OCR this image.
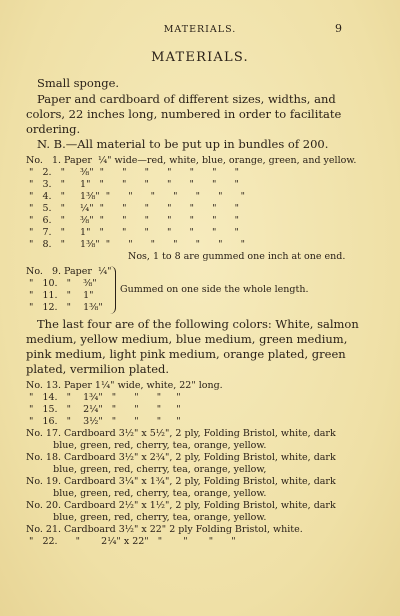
MATERIALS.	9
MATERIALS.
Small sponge.
Paper and cardboard of different sizes, widths, and
colors, 22 inches long, numbered in order to facilitate
ordering.
N. B.—All material to be put up in bundles of 200.
No.   1. Paper  ¼" wide—red, white, blue, orange, green, and yellow.
"   2.   "     ⅜"  "      "      "      "      "      "      "
"   3.   "     1"   "      "      "      "      "      "      "
"   4.   "     1⅜"  "      "      "      "      "      "      "
"   5.   "     ¼"  "      "      "      "      "      "      "
"   6.   "     ⅜"  "      "      "      "      "      "      "
"   7.   "     1"   "      "      "      "      "      "      "
"   8.   "     1⅜"  "      "      "      "      "      "      "
Nos, 1 to 8 are gummed one inch at one end.
No.   9. Paper  ¼"
"   10.   "    ⅜"
"   11.   "    1"
"   12.   "    1⅜"
Gummed on one side the whole length.
The last four are of the following colors: White, salmon
medium, yellow medium, blue medium, green medium,
pink medium, light pink medium, orange plated, green
plated, vermilion plated.
No. 13. Paper 1¼" wide, white, 22" long.
"   14.   "    1¾"   "      "      "     "
"   15.   "    2¼"   "      "      "     "
"   16.   "    3½"   "      "      "     "
No. 17. Cardboard 3½" x 5½", 2 ply, Folding Bristol, white, dark
blue, green, red, cherry, tea, orange, yellow.
No. 18. Cardboard 3½" x 2¾", 2 ply, Folding Bristol, white, dark
blue, green, red, cherry, tea, orange, yellow,
No. 19. Cardboard 3¼" x 1¾", 2 ply, Folding Bristol, white, dark
blue, green, red, cherry, tea, orange, yellow.
No. 20. Cardboard 2½" x 1½", 2 ply, Folding Bristol, white, dark
blue, green, red, cherry, tea, orange, yellow.
No. 21. Cardboard 3½" x 22" 2 ply Folding Bristol, white.
"   22.      "       2¼" x 22"   "       "       "      "
